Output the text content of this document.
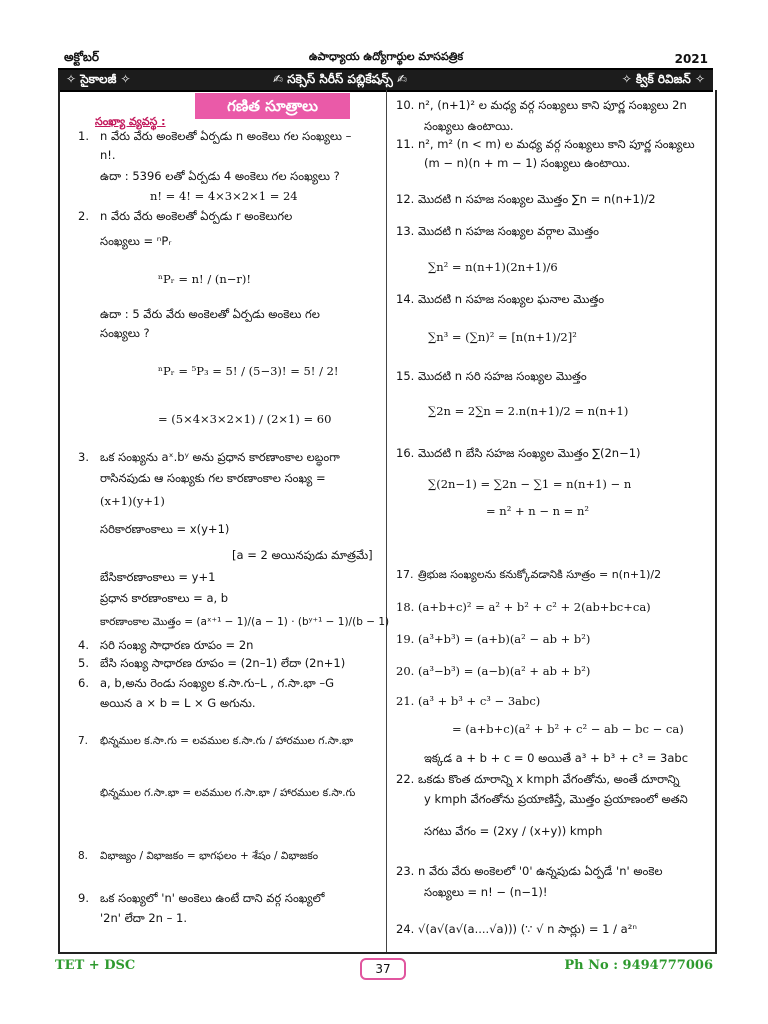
అక్టోబర్	ఉపాధ్యాయ ఉద్యోగార్థుల మాసపత్రిక	2021
✧ సైకాలజీ ✧	✍ సక్సెస్ సిరీస్ పబ్లికేషన్స్ ✍	✧ క్విక్ రివిజన్ ✧
గణిత సూత్రాలు
సంఖ్యా వ్యవస్థ :
1. n వేరు వేరు అంకెలతో ఏర్పడు n అంకెలు గల సంఖ్యలు –
n!.
ఉదా : 5396 లతో ఏర్పడు 4 అంకెలు గల సంఖ్యలు ?
n! = 4! = 4×3×2×1 = 24
2. n వేరు వేరు అంకెలతో ఏర్పడు r అంకెలుగల
సంఖ్యలు = ⁿPᵣ
ⁿPᵣ = n! / (n−r)!
ఉదా : 5 వేరు వేరు అంకెలతో ఏర్పడు అంకెలు గల
సంఖ్యలు ?
ⁿPᵣ = ⁵P₃ = 5! / (5−3)! = 5! / 2!
= (5×4×3×2×1) / (2×1) = 60
3. ఒక సంఖ్యను aˣ.bʸ అను ప్రధాన కారణాంకాల లబ్ధంగా
రాసినపుడు ఆ సంఖ్యకు గల కారణాంకాల సంఖ్య =
(x+1)(y+1)
సరికారణాంకాలు = x(y+1)
[a = 2 అయినపుడు మాత్రమే]
బేసికారణాంకాలు = y+1
ప్రధాన కారణాంకాలు = a, b
కారణాంకాల మొత్తం = (aˣ⁺¹ − 1)/(a − 1) · (bʸ⁺¹ − 1)/(b − 1)
4. సరి సంఖ్య సాధారణ రూపం = 2n
5. బేసి సంఖ్య సాధారణ రూపం = (2n–1) లేదా (2n+1)
6. a, b,అను రెండు సంఖ్యల క.సా.గు–L , గ.సా.భా –G
అయిన a × b = L × G అగును.
7. భిన్నముల క.సా.గు = లవముల క.సా.గు / హారముల గ.సా.భా
భిన్నముల గ.సా.భా = లవముల గ.సా.భా / హారముల క.సా.గు
8. విభాజ్యం / విభాజకం = భాగఫలం + శేషం / విభాజకం
9. ఒక సంఖ్యలో 'n' అంకెలు ఉంటే దాని వర్గ సంఖ్యలో
'2n' లేదా 2n – 1.
10. n², (n+1)² ల మధ్య వర్గ సంఖ్యలు కాని పూర్ణ సంఖ్యలు 2n
సంఖ్యలు ఉంటాయి.
11. n², m² (n < m) ల మధ్య వర్గ సంఖ్యలు కాని పూర్ణ సంఖ్యలు
(m − n)(n + m − 1) సంఖ్యలు ఉంటాయి.
12. మొదటి n సహజ సంఖ్యల మొత్తం ∑n = n(n+1)/2
13. మొదటి n సహజ సంఖ్యల వర్గాల మొత్తం
∑n² = n(n+1)(2n+1)/6
14. మొదటి n సహజ సంఖ్యల ఘనాల మొత్తం
∑n³ = (∑n)² = [n(n+1)/2]²
15. మొదటి n సరి సహజ సంఖ్యల మొత్తం
∑2n = 2∑n = 2.n(n+1)/2 = n(n+1)
16. మొదటి n బేసి సహజ సంఖ్యల మొత్తం ∑(2n−1)
∑(2n−1) = ∑2n − ∑1 = n(n+1) − n
= n² + n − n = n²
17. త్రిభుజ సంఖ్యలను కనుక్కోవడానికి సూత్రం = n(n+1)/2
18. (a+b+c)² = a² + b² + c² + 2(ab+bc+ca)
19. (a³+b³) = (a+b)(a² − ab + b²)
20. (a³−b³) = (a−b)(a² + ab + b²)
21. (a³ + b³ + c³ − 3abc)
= (a+b+c)(a² + b² + c² − ab − bc − ca)
ఇక్కడ a + b + c = 0 అయితే a³ + b³ + c³ = 3abc
22. ఒకడు కొంత దూరాన్ని x kmph వేగంతోను, అంతే దూరాన్ని
y kmph వేగంతోను ప్రయాణిస్తే, మొత్తం ప్రయాణంలో అతని
సగటు వేగం = (2xy / (x+y)) kmph
23. n వేరు వేరు అంకెలలో '0' ఉన్నపుడు ఏర్పడే 'n' అంకెల
సంఖ్యలు = n! − (n−1)!
24. √(a√(a√(a....√a))) (∵ √ n సార్లు) = 1 / a²ⁿ
TET + DSC	37	Ph No : 9494777006
